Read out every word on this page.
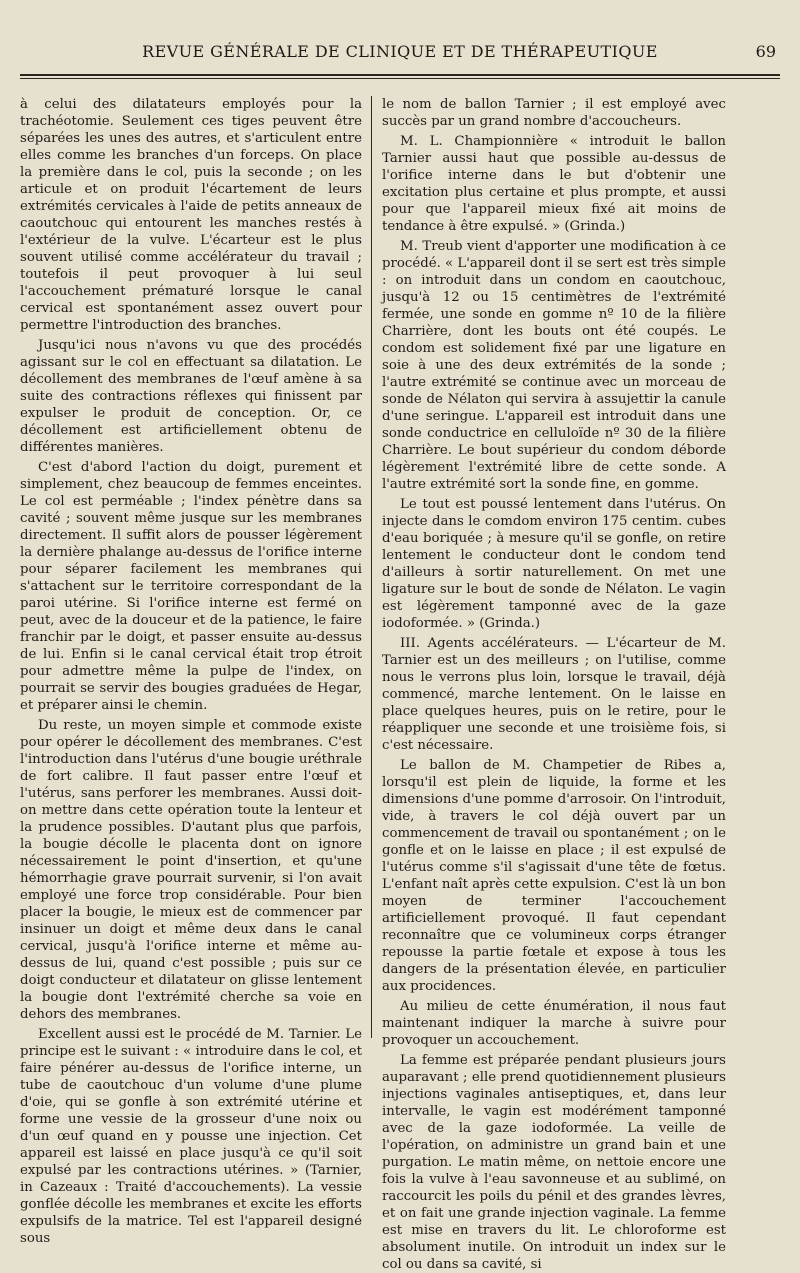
REVUE GÉNÉRALE DE CLINIQUE ET DE THÉRAPEUTIQUE	69

à celui des dilatateurs employés pour la trachéotomie. Seulement ces tiges peuvent être séparées les unes des autres, et s'articulent entre elles comme les branches d'un forceps. On place la première dans le col, puis la seconde ; on les articule et on produit l'écartement de leurs extrémités cervicales à l'aide de petits anneaux de caoutchouc qui entourent les manches restés à l'extérieur de la vulve. L'écarteur est le plus souvent utilisé comme accélérateur du travail ; toutefois il peut provoquer à lui seul l'accouchement prématuré lorsque le canal cervical est spontanément assez ouvert pour permettre l'introduction des branches.

Jusqu'ici nous n'avons vu que des procédés agissant sur le col en effectuant sa dilatation. Le décollement des membranes de l'œuf amène à sa suite des contractions réflexes qui finissent par expulser le produit de conception. Or, ce décollement est artificiellement obtenu de différentes manières.

C'est d'abord l'action du doigt, purement et simplement, chez beaucoup de femmes enceintes. Le col est perméable ; l'index pénètre dans sa cavité ; souvent même jusque sur les membranes directement. Il suffit alors de pousser légèrement la dernière phalange au-dessus de l'orifice interne pour séparer facilement les membranes qui s'attachent sur le territoire correspondant de la paroi utérine. Si l'orifice interne est fermé on peut, avec de la douceur et de la patience, le faire franchir par le doigt, et passer ensuite au-dessus de lui. Enfin si le canal cervical était trop étroit pour admettre même la pulpe de l'index, on pourrait se servir des bougies graduées de Hegar, et préparer ainsi le chemin.

Du reste, un moyen simple et commode existe pour opérer le décollement des membranes. C'est l'introduction dans l'utérus d'une bougie uréthrale de fort calibre. Il faut passer entre l'œuf et l'utérus, sans perforer les membranes. Aussi doit-on mettre dans cette opération toute la lenteur et la prudence possibles. D'autant plus que parfois, la bougie décolle le placenta dont on ignore nécessairement le point d'insertion, et qu'une hémorrhagie grave pourrait survenir, si l'on avait employé une force trop considérable. Pour bien placer la bougie, le mieux est de commencer par insinuer un doigt et même deux dans le canal cervical, jusqu'à l'orifice interne et même au-dessus de lui, quand c'est possible ; puis sur ce doigt conducteur et dilatateur on glisse lentement la bougie dont l'extrémité cherche sa voie en dehors des membranes.

Excellent aussi est le procédé de M. Tarnier. Le principe est le suivant : « introduire dans le col, et faire pénérer au-dessus de l'orifice interne, un tube de caoutchouc d'un volume d'une plume d'oie, qui se gonfle à son extrémité utérine et forme une vessie de la grosseur d'une noix ou d'un œuf quand en y pousse une injection. Cet appareil est laissé en place jusqu'à ce qu'il soit expulsé par les contractions utérines. » (Tarnier, in Cazeaux : Traité d'accouchements). La vessie gonflée décolle les membranes et excite les efforts expulsifs de la matrice. Tel est l'appareil designé sous

le nom de ballon Tarnier ; il est employé avec succès par un grand nombre d'accoucheurs.

M. L. Championnière « introduit le ballon Tarnier aussi haut que possible au-dessus de l'orifice interne dans le but d'obtenir une excitation plus certaine et plus prompte, et aussi pour que l'appareil mieux fixé ait moins de tendance à être expulsé. » (Grinda.)

M. Treub vient d'apporter une modification à ce procédé. « L'appareil dont il se sert est très simple : on introduit dans un condom en caoutchouc, jusqu'à 12 ou 15 centimètres de l'extrémité fermée, une sonde en gomme nº 10 de la filière Charrière, dont les bouts ont été coupés. Le condom est solidement fixé par une ligature en soie à une des deux extrémités de la sonde ; l'autre extrémité se continue avec un morceau de sonde de Nélaton qui servira à assujettir la canule d'une seringue. L'appareil est introduit dans une sonde conductrice en celluloïde nº 30 de la filière Charrière. Le bout supérieur du condom déborde légèrement l'extrémité libre de cette sonde. A l'autre extrémité sort la sonde fine, en gomme.

Le tout est poussé lentement dans l'utérus. On injecte dans le comdom environ 175 centim. cubes d'eau boriquée ; à mesure qu'il se gonfle, on retire lentement le conducteur dont le condom tend d'ailleurs à sortir naturellement. On met une ligature sur le bout de sonde de Nélaton. Le vagin est légèrement tamponné avec de la gaze iodoformée. » (Grinda.)

III. Agents accélérateurs. — L'écarteur de M. Tarnier est un des meilleurs ; on l'utilise, comme nous le verrons plus loin, lorsque le travail, déjà commencé, marche lentement. On le laisse en place quelques heures, puis on le retire, pour le réappliquer une seconde et une troisième fois, si c'est nécessaire.

Le ballon de M. Champetier de Ribes a, lorsqu'il est plein de liquide, la forme et les dimensions d'une pomme d'arrosoir. On l'introduit, vide, à travers le col déjà ouvert par un commencement de travail ou spontanément ; on le gonfle et on le laisse en place ; il est expulsé de l'utérus comme s'il s'agissait d'une tête de fœtus. L'enfant naît après cette expulsion. C'est là un bon moyen de terminer l'accouchement artificiellement provoqué. Il faut cependant reconnaître que ce volumineux corps étranger repousse la partie fœtale et expose à tous les dangers de la présentation élevée, en particulier aux procidences.

Au milieu de cette énumération, il nous faut maintenant indiquer la marche à suivre pour provoquer un accouchement.

La femme est préparée pendant plusieurs jours auparavant ; elle prend quotidiennement plusieurs injections vaginales antiseptiques, et, dans leur intervalle, le vagin est modérément tamponné avec de la gaze iodoformée. La veille de l'opération, on administre un grand bain et une purgation. Le matin même, on nettoie encore une fois la vulve à l'eau savonneuse et au sublimé, on raccourcit les poils du pénil et des grandes lèvres, et on fait une grande injection vaginale. La femme est mise en travers du lit. Le chloroforme est absolument inutile. On introduit un index sur le col ou dans sa cavité, si
